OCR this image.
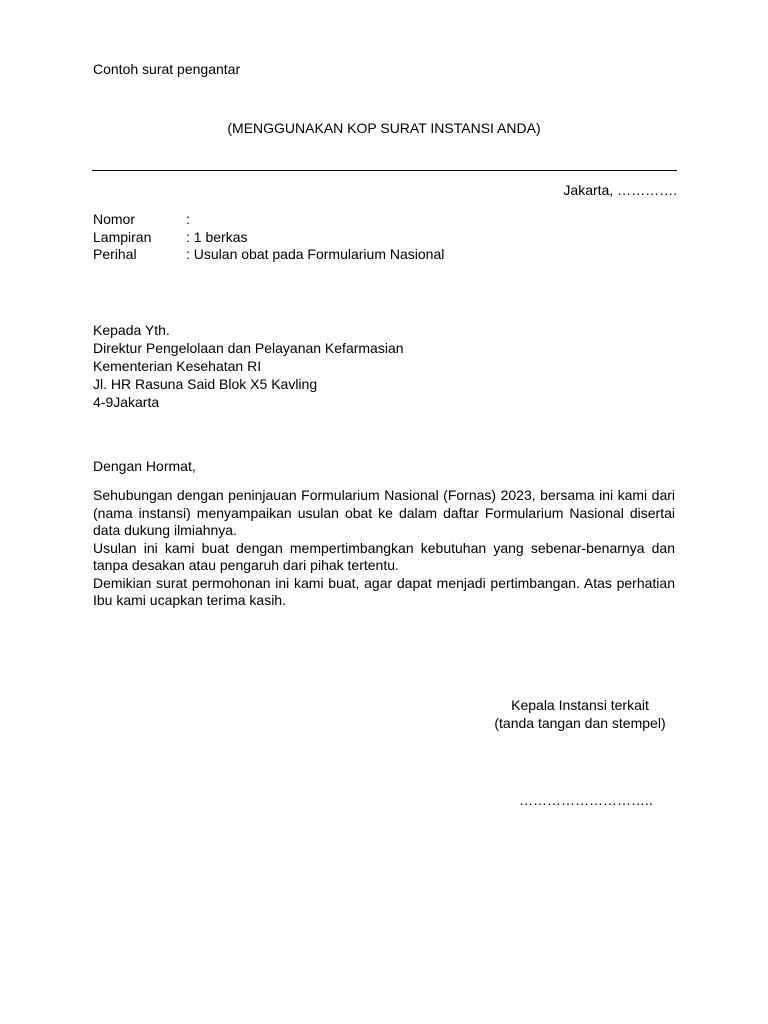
Contoh surat pengantar
(MENGGUNAKAN KOP SURAT INSTANSI ANDA)
Jakarta, ………….
Nomor	:
Lampiran	: 1 berkas
Perihal	: Usulan obat pada Formularium Nasional
Kepada Yth.
Direktur Pengelolaan dan Pelayanan Kefarmasian
Kementerian Kesehatan RI
Jl. HR Rasuna Said Blok X5 Kavling
4-9Jakarta
Dengan Hormat,

Sehubungan dengan peninjauan Formularium Nasional (Fornas) 2023, bersama ini kami dari (nama instansi) menyampaikan usulan obat ke dalam daftar Formularium Nasional disertai data dukung ilmiahnya.

Usulan ini kami buat dengan mempertimbangkan kebutuhan yang sebenar-benarnya dan tanpa desakan atau pengaruh dari pihak tertentu.

Demikian surat permohonan ini kami buat, agar dapat menjadi pertimbangan. Atas perhatian Ibu kami ucapkan terima kasih.

Kepala Instansi terkait
(tanda tangan dan stempel)
………………………..
